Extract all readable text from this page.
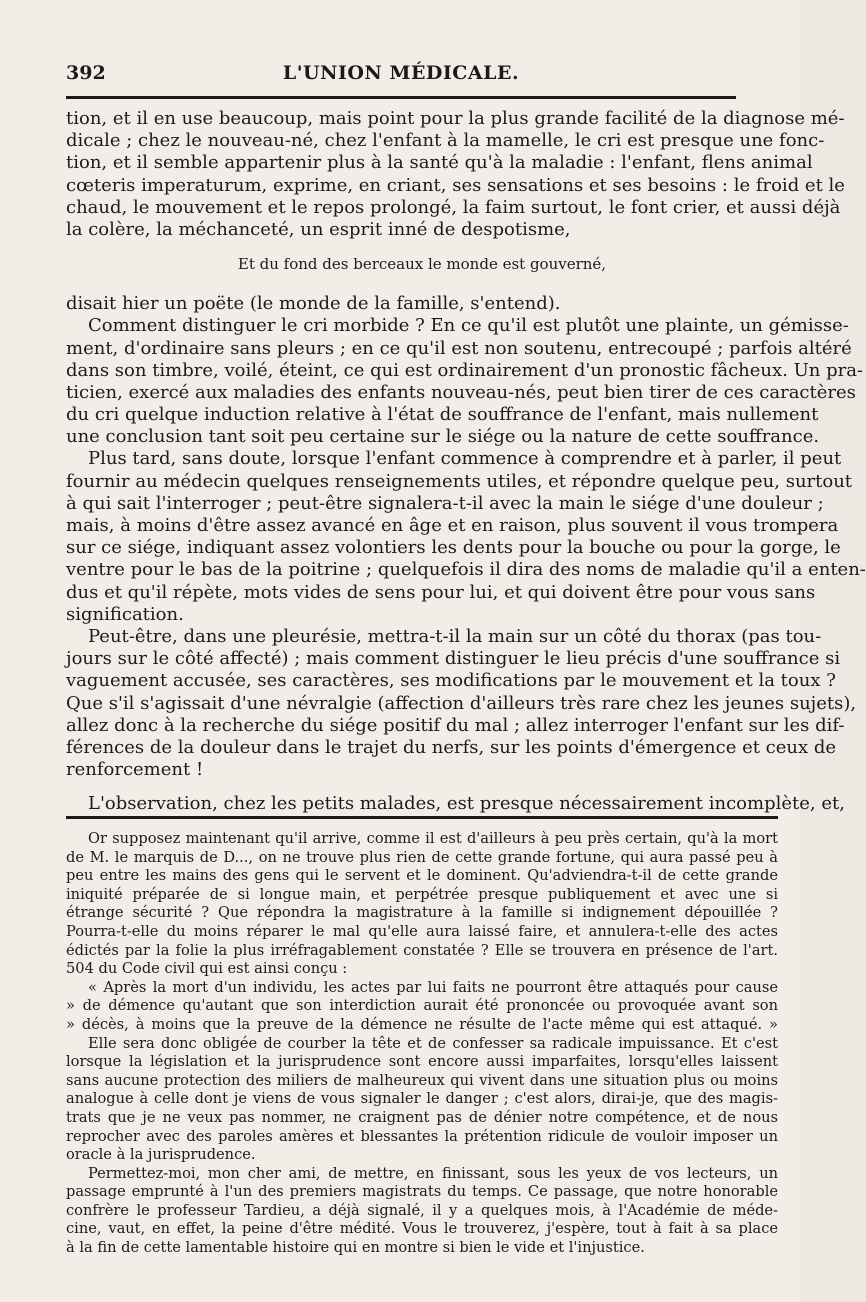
392	L'UNION MÉDICALE.
tion, et il en use beaucoup, mais point pour la plus grande facilité de la diagnose mé-
dicale ; chez le nouveau-né, chez l'enfant à la mamelle, le cri est presque une fonc-
tion, et il semble appartenir plus à la santé qu'à la maladie : l'enfant, flens animal
cœteris imperaturum, exprime, en criant, ses sensations et ses besoins : le froid et le
chaud, le mouvement et le repos prolongé, la faim surtout, le font crier, et aussi déjà
la colère, la méchanceté, un esprit inné de despotisme,
Et du fond des berceaux le monde est gouverné,
disait hier un poëte (le monde de la famille, s'entend).
Comment distinguer le cri morbide ? En ce qu'il est plutôt une plainte, un gémisse-
ment, d'ordinaire sans pleurs ; en ce qu'il est non soutenu, entrecoupé ; parfois altéré
dans son timbre, voilé, éteint, ce qui est ordinairement d'un pronostic fâcheux. Un pra-
ticien, exercé aux maladies des enfants nouveau-nés, peut bien tirer de ces caractères
du cri quelque induction relative à l'état de souffrance de l'enfant, mais nullement
une conclusion tant soit peu certaine sur le siége ou la nature de cette souffrance.
Plus tard, sans doute, lorsque l'enfant commence à comprendre et à parler, il peut
fournir au médecin quelques renseignements utiles, et répondre quelque peu, surtout
à qui sait l'interroger ; peut-être signalera-t-il avec la main le siége d'une douleur ;
mais, à moins d'être assez avancé en âge et en raison, plus souvent il vous trompera
sur ce siége, indiquant assez volontiers les dents pour la bouche ou pour la gorge, le
ventre pour le bas de la poitrine ; quelquefois il dira des noms de maladie qu'il a enten-
dus et qu'il répète, mots vides de sens pour lui, et qui doivent être pour vous sans
signification.
Peut-être, dans une pleurésie, mettra-t-il la main sur un côté du thorax (pas tou-
jours sur le côté affecté) ; mais comment distinguer le lieu précis d'une souffrance si
vaguement accusée, ses caractères, ses modifications par le mouvement et la toux ?
Que s'il s'agissait d'une névralgie (affection d'ailleurs très rare chez les jeunes sujets),
allez donc à la recherche du siége positif du mal ; allez interroger l'enfant sur les dif-
férences de la douleur dans le trajet du nerfs, sur les points d'émergence et ceux de
renforcement !
L'observation, chez les petits malades, est presque nécessairement incomplète, et,
Or supposez maintenant qu'il arrive, comme il est d'ailleurs à peu près certain, qu'à la mort
de M. le marquis de D..., on ne trouve plus rien de cette grande fortune, qui aura passé peu à
peu entre les mains des gens qui le servent et le dominent. Qu'adviendra-t-il de cette grande
iniquité préparée de si longue main, et perpétrée presque publiquement et avec une si
étrange sécurité ? Que répondra la magistrature à la famille si indignement dépouillée ?
Pourra-t-elle du moins réparer le mal qu'elle aura laissé faire, et annulera-t-elle des actes
édictés par la folie la plus irréfragablement constatée ? Elle se trouvera en présence de l'art.
504 du Code civil qui est ainsi conçu :
« Après la mort d'un individu, les actes par lui faits ne pourront être attaqués pour cause
» de démence qu'autant que son interdiction aurait été prononcée ou provoquée avant son
» décès, à moins que la preuve de la démence ne résulte de l'acte même qui est attaqué. »
Elle sera donc obligée de courber la tête et de confesser sa radicale impuissance. Et c'est
lorsque la législation et la jurisprudence sont encore aussi imparfaites, lorsqu'elles laissent
sans aucune protection des miliers de malheureux qui vivent dans une situation plus ou moins
analogue à celle dont je viens de vous signaler le danger ; c'est alors, dirai-je, que des magis-
trats que je ne veux pas nommer, ne craignent pas de dénier notre compétence, et de nous
reprocher avec des paroles amères et blessantes la prétention ridicule de vouloir imposer un
oracle à la jurisprudence.
Permettez-moi, mon cher ami, de mettre, en finissant, sous les yeux de vos lecteurs, un
passage emprunté à l'un des premiers magistrats du temps. Ce passage, que notre honorable
confrère le professeur Tardieu, a déjà signalé, il y a quelques mois, à l'Académie de méde-
cine, vaut, en effet, la peine d'être médité. Vous le trouverez, j'espère, tout à fait à sa place
à la fin de cette lamentable histoire qui en montre si bien le vide et l'injustice.
